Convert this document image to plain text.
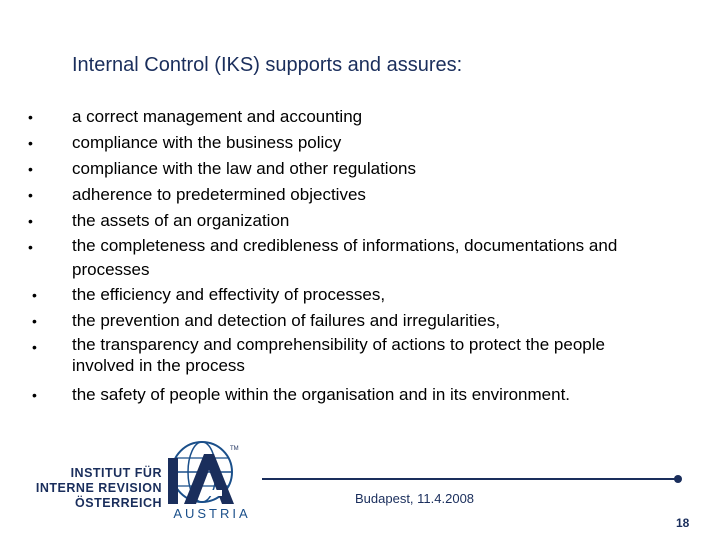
Internal Control (IKS) supports and assures:
•	a correct management and accounting
•	compliance with the business policy
•	compliance with the law and other regulations
•	adherence to predetermined objectives
•	the assets of an organization
•	the completeness and credibleness of informations, documentations and processes
•	the efficiency and effectivity of processes,
•	the prevention and detection of failures and irregularities,
•	the transparency and comprehensibility of actions to protect the people involved in the process
•	the safety of people within the organisation and in its environment.
INSTITUT FÜR
INTERNE REVISION
ÖSTERREICH
TM
AUSTRIA
Budapest, 11.4.2008
18
